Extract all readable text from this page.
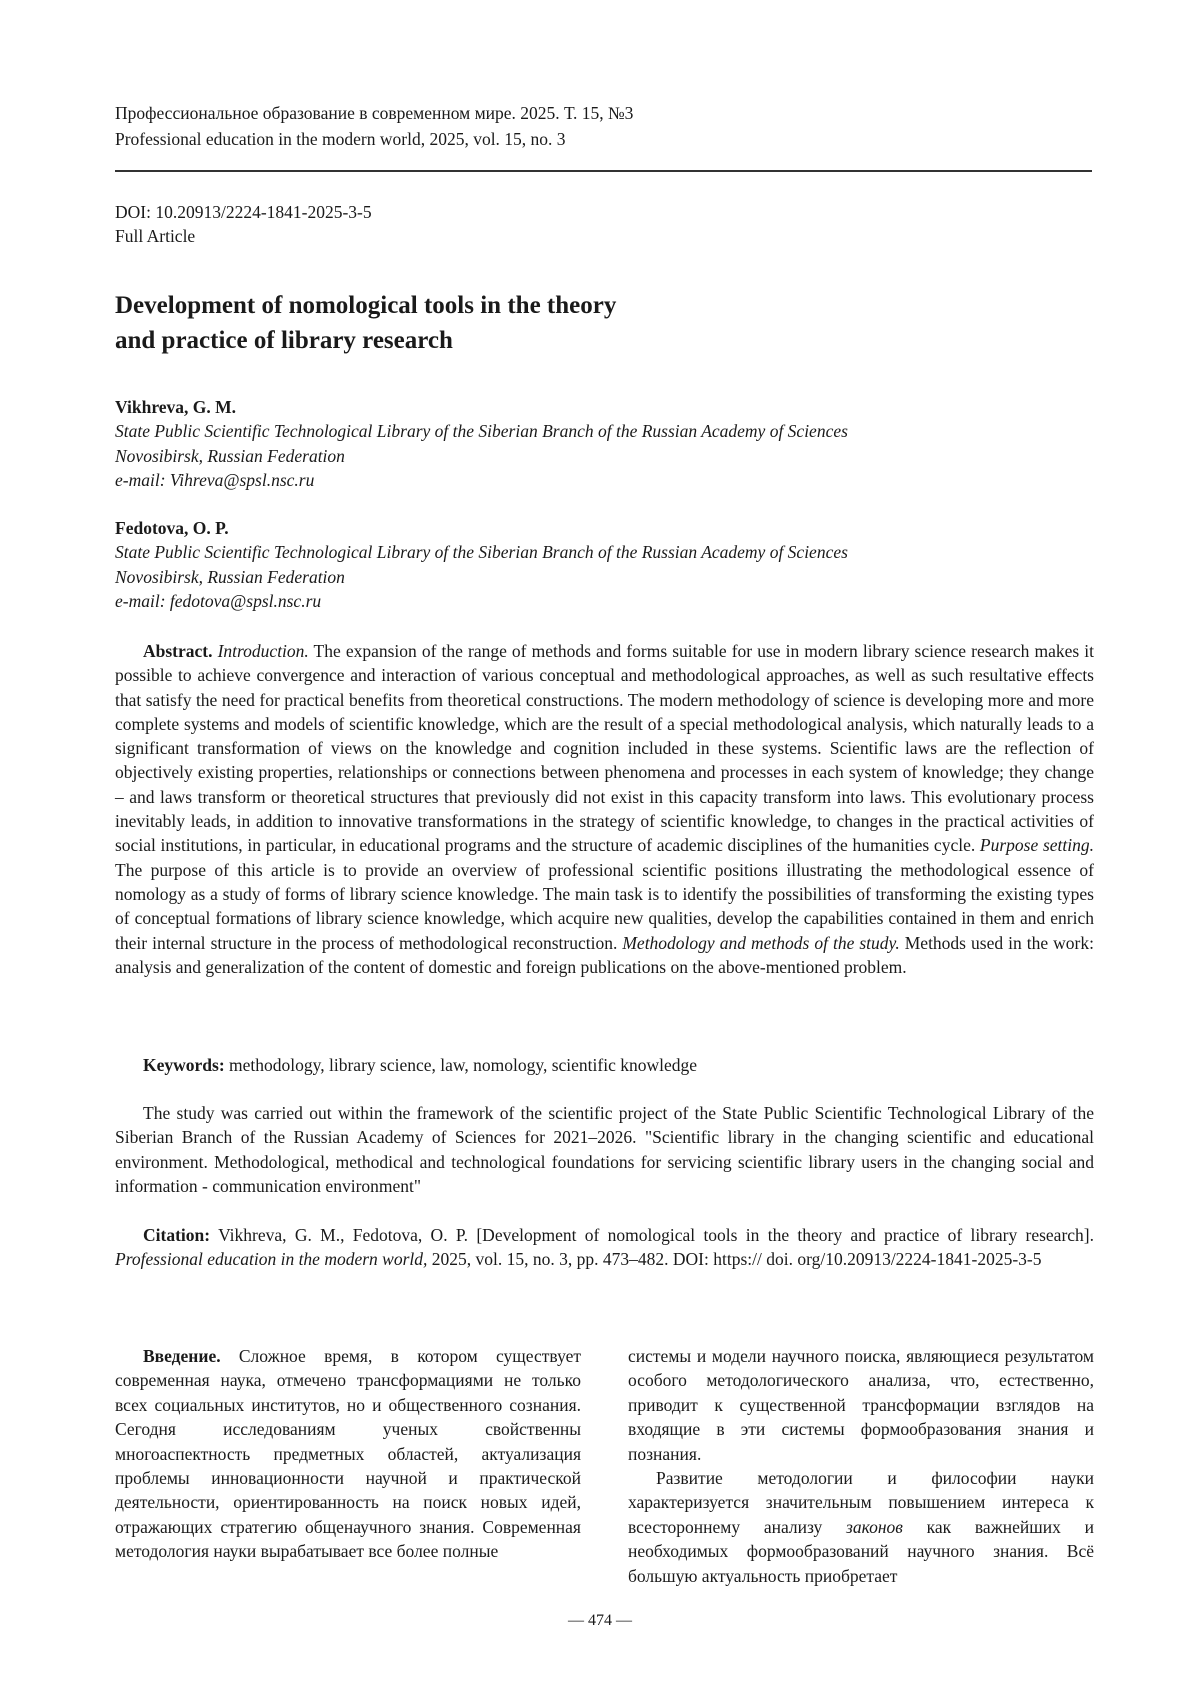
Профессиональное образование в современном мире. 2025. Т. 15, №3
Professional education in the modern world, 2025, vol. 15, no. 3
DOI: 10.20913/2224-1841-2025-3-5
Full Article
Development of nomological tools in the theory
and practice of library research
Vikhreva, G. M.
State Public Scientific Technological Library of the Siberian Branch of the Russian Academy of Sciences
Novosibirsk, Russian Federation
e-mail: Vihreva@spsl.nsc.ru
Fedotova, O. P.
State Public Scientific Technological Library of the Siberian Branch of the Russian Academy of Sciences
Novosibirsk, Russian Federation
e-mail: fedotova@spsl.nsc.ru
Abstract. Introduction. The expansion of the range of methods and forms suitable for use in modern library science research makes it possible to achieve convergence and interaction of various conceptual and methodological approaches, as well as such resultative effects that satisfy the need for practical benefits from theoretical constructions. The modern methodology of science is developing more and more complete systems and models of scientific knowledge, which are the result of a special methodological analysis, which naturally leads to a significant transformation of views on the knowledge and cognition included in these systems. Scientific laws are the reflection of objectively existing properties, relationships or connections between phenomena and processes in each system of knowledge; they change – and laws transform or theoretical structures that previously did not exist in this capacity transform into laws. This evolutionary process inevitably leads, in addition to innovative transformations in the strategy of scientific knowledge, to changes in the practical activities of social institutions, in particular, in educational programs and the structure of academic disciplines of the humanities cycle. Purpose setting. The purpose of this article is to provide an overview of professional scientific positions illustrating the methodological essence of nomology as a study of forms of library science knowledge. The main task is to identify the possibilities of transforming the existing types of conceptual formations of library science knowledge, which acquire new qualities, develop the capabilities contained in them and enrich their internal structure in the process of methodological reconstruction. Methodology and methods of the study. Methods used in the work: analysis and generalization of the content of domestic and foreign publications on the above-mentioned problem.
Keywords: methodology, library science, law, nomology, scientific knowledge
The study was carried out within the framework of the scientific project of the State Public Scientific Technological Library of the Siberian Branch of the Russian Academy of Sciences for 2021–2026. "Scientific library in the changing scientific and educational environment. Methodological, methodical and technological foundations for servicing scientific library users in the changing social and information - communication environment"
Citation: Vikhreva, G. M., Fedotova, O. P. [Development of nomological tools in the theory and practice of library research]. Professional education in the modern world, 2025, vol. 15, no. 3, pp. 473–482. DOI: https:// doi. org/10.20913/2224-1841-2025-3-5

Введение. Сложное время, в котором существует современная наука, отмечено трансформациями не только всех социальных институтов, но и общественного сознания. Сегодня исследованиям ученых свойственны многоаспектность предметных областей, актуализация проблемы инновационности научной и практической деятельности, ориентированность на поиск новых идей, отражающих стратегию общенаучного знания. Современная методология науки вырабатывает все более полные

системы и модели научного поиска, являющиеся результатом особого методологического анализа, что, естественно, приводит к существенной трансформации взглядов на входящие в эти системы формообразования знания и познания.

Развитие методологии и философии науки характеризуется значительным повышением интереса к всестороннему анализу законов как важнейших и необходимых формообразований научного знания. Всё большую актуальность приобретает

— 474 —
